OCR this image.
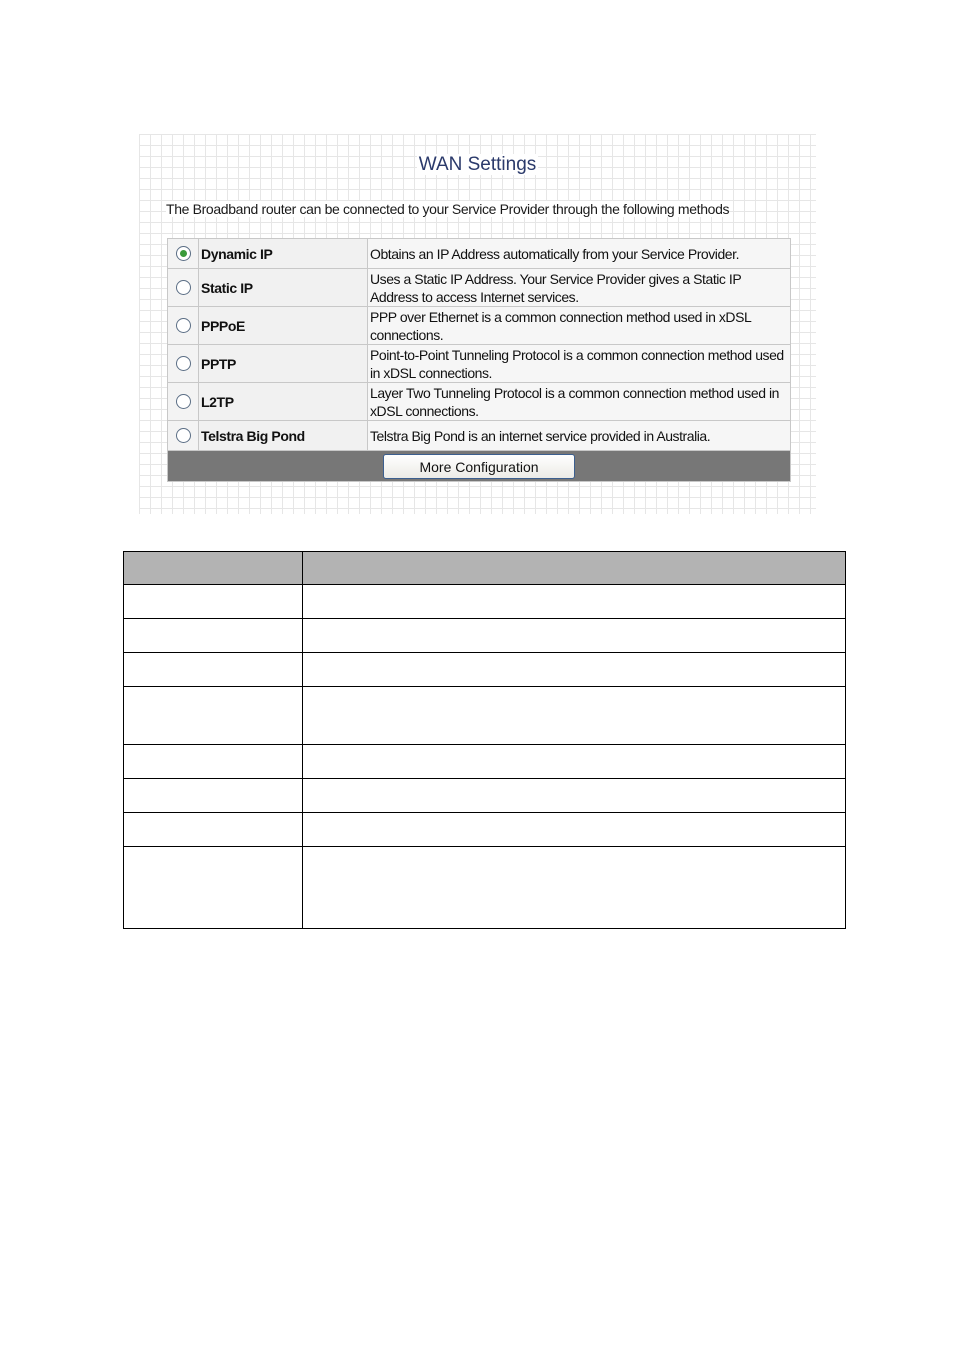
WAN Settings
The Broadband router can be connected to your Service Provider through the following methods
	Dynamic IP	Obtains an IP Address automatically from your Service Provider.
	Static IP	Uses a Static IP Address. Your Service Provider gives a Static IP Address to access Internet services.
	PPPoE	PPP over Ethernet is a common connection method used in xDSL connections.
	PPTP	Point-to-Point Tunneling Protocol is a common connection method used in xDSL connections.
	L2TP	Layer Two Tunneling Protocol is a common connection method used in xDSL connections.
	Telstra Big Pond	Telstra Big Pond is an internet service provided in Australia.
More Configuration		
